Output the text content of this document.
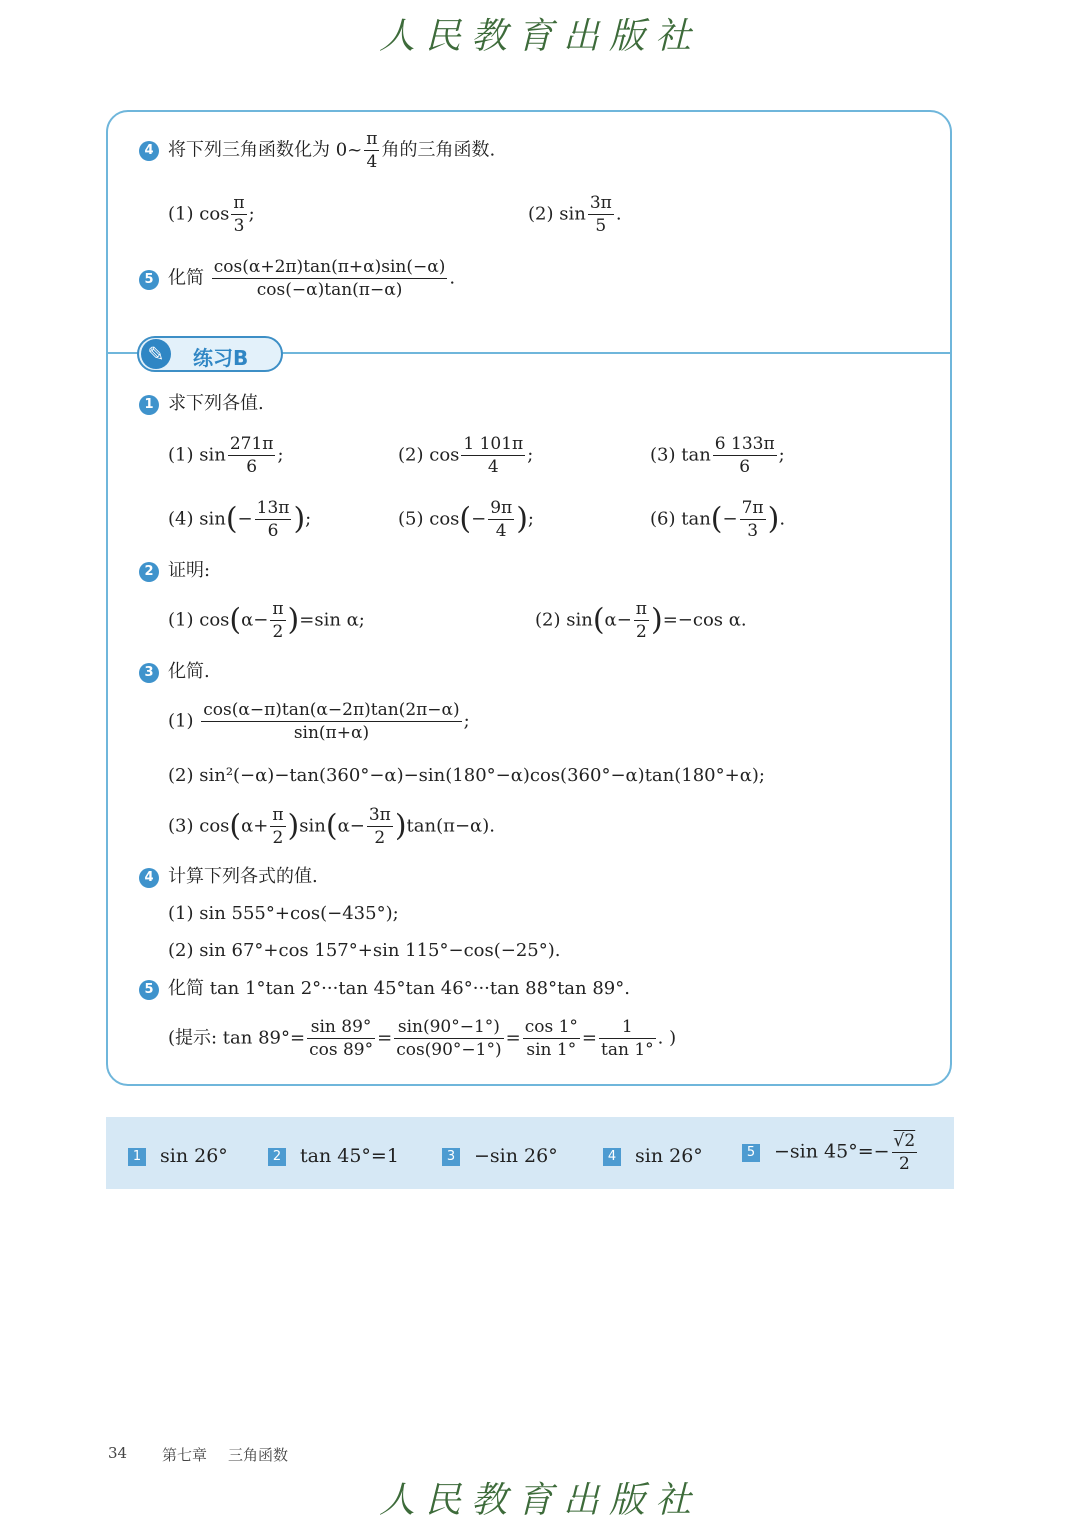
人民教育出版社
✎	练习B
4 将下列三角函数化为 0~ $\frac{\pi}{4}$ 角的三角函数.
(1) $\cos \frac{\pi}{3}$ ;	(2) $\sin \frac{3\pi}{5}$ .
5 化简 $\frac{\cos(\alpha+2\pi)\tan(\pi+\alpha)\sin(-\alpha)}{\cos(-\alpha)\tan(\pi-\alpha)}$ .
1 求下列各值.
(1) $\sin \frac{271\pi}{6}$ ;	(2) $\cos \frac{1 101\pi}{4}$ ;	(3) $\tan \frac{6 133\pi}{6}$ ;
(4) $\sin(- \frac{13\pi}{6}$ );	(5) $\cos(- \frac{9\pi}{4}$ );	(6) $\tan(- \frac{7\pi}{3}$ ).
2 证明:
(1) $\cos(\alpha- \frac{\pi}{2} )=\sin$ α;	(2) $\sin(\alpha- \frac{\pi}{2} )=-\cos$ α.
3 化简.
$(1) \frac{\cos(\alpha-\pi)\tan(\alpha-2\pi)\tan(2\pi-\alpha)}{\sin(\pi+\alpha)}$ ;
(2) sin²(−α)−tan(360°−α)−sin(180°−α)cos(360°−α)tan(180°+α);
(3) $\cos(\alpha+ \frac{\pi}{2} )\sin(\alpha- \frac{3\pi}{2} )\tan(\pi-\alpha)$.
4 计算下列各式的值.
(1) sin 555°+cos(−435°);
(2) sin 67°+cos 157°+sin 115°−cos(−25°).
5 化简 tan 1°tan 2°···tan 45°tan 46°···tan 88°tan 89°.
(提示: $\tan 89^\circ= \frac{\sin 89^\circ}{\cos 89^\circ} = \frac{\sin(90^\circ-1^\circ)}{\cos(90^\circ-1^\circ)} = \frac{\cos 1^\circ}{\sin 1^\circ} = \frac{1}{\tan 1^\circ}$ . )
1 sin 26°	2 tan 45°=1	3 −sin 26°	4 sin 26°	5 −sin $45^\circ=- \frac{√2}{2}$
34 第七章 三角函数
人民教育出版社
